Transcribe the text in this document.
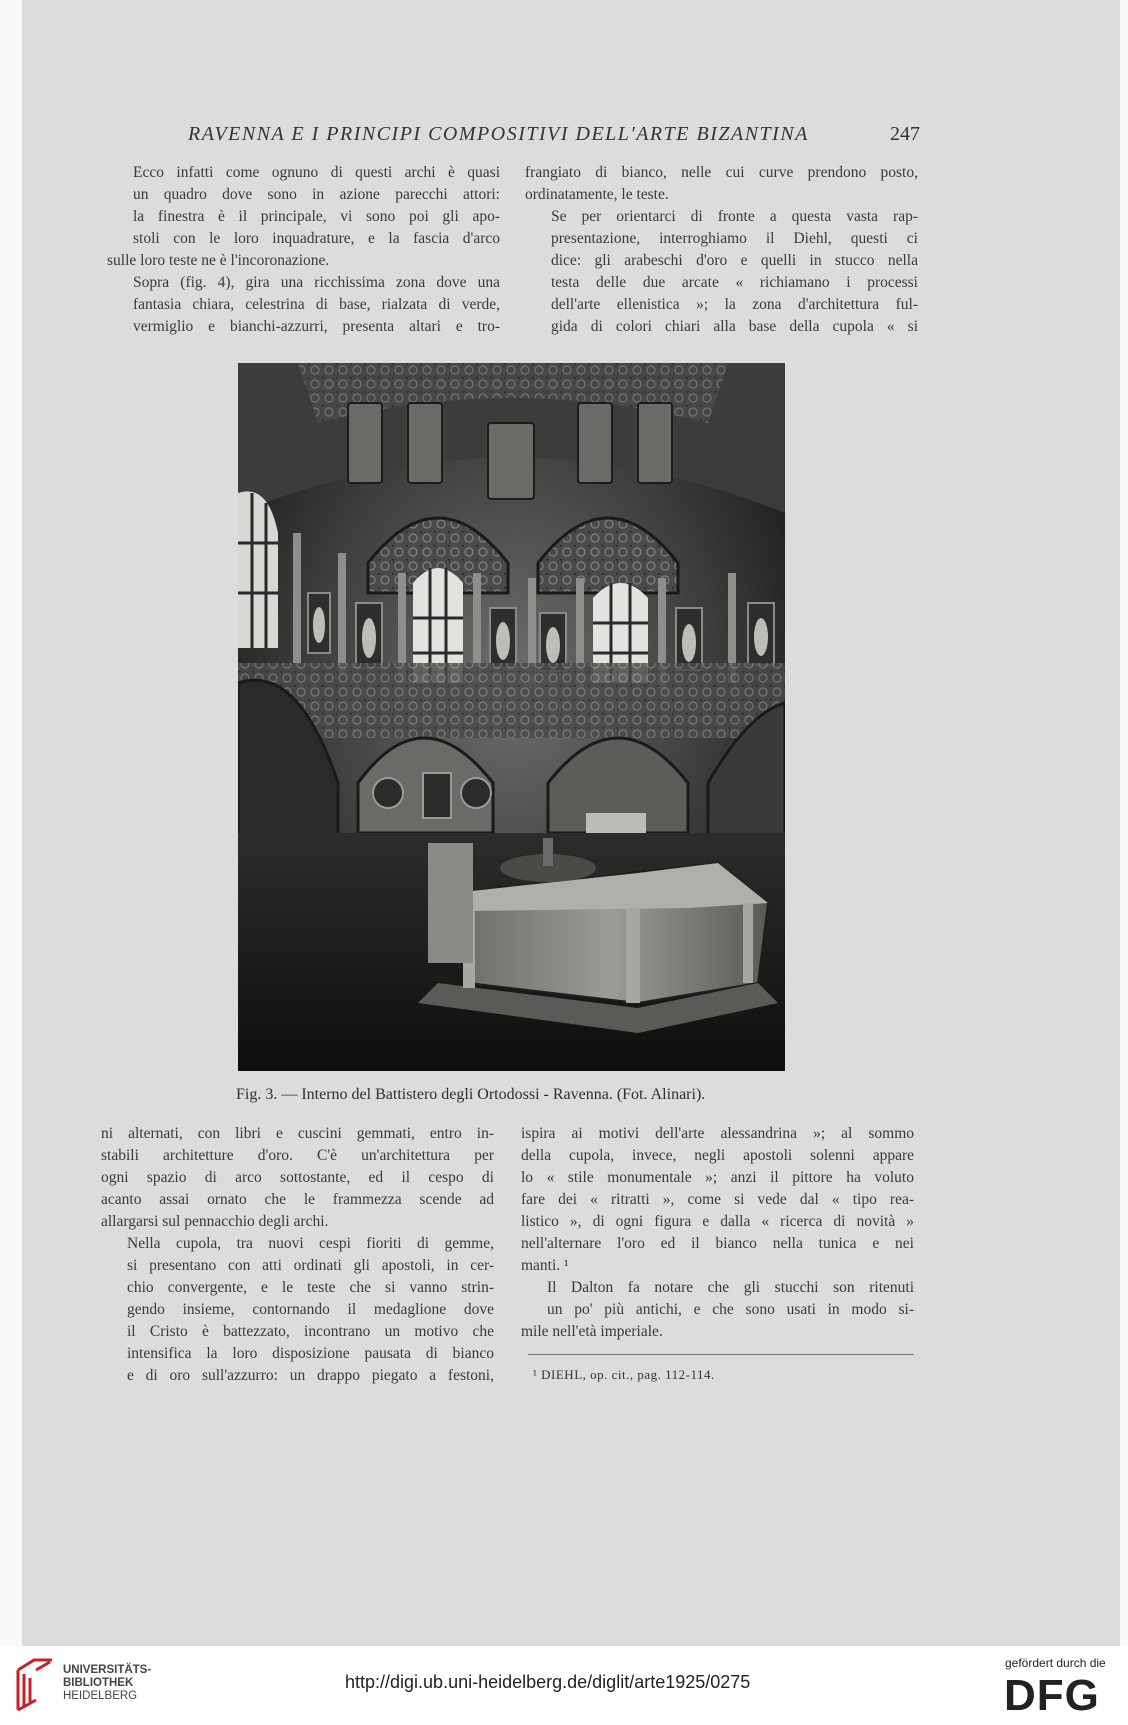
RAVENNA E I PRINCIPI COMPOSITIVI DELL'ARTE BIZANTINA	247

Ecco infatti come ognuno di questi archi è quasi
un quadro dove sono in azione parecchi attori:
la finestra è il principale, vi sono poi gli apo-
stoli con le loro inquadrature, e la fascia d'arco

sulle loro teste ne è l'incoronazione.

Sopra (fig. 4), gira una ricchissima zona dove una
fantasia chiara, celestrina di base, rialzata di verde,
vermiglio e bianchi-azzurri, presenta altari e tro-

frangiato di bianco, nelle cui curve prendono posto,

ordinatamente, le teste.

Se per orientarci di fronte a questa vasta rap-
presentazione, interroghiamo il Diehl, questi ci
dice: gli arabeschi d'oro e quelli in stucco nella
testa delle due arcate « richiamano i processi
dell'arte ellenistica »; la zona d'architettura ful-
gida di colori chiari alla base della cupola « si

Fig. 3. — Interno del Battistero degli Ortodossi - Ravenna. (Fot. Alinari).

ni alternati, con libri e cuscini gemmati, entro in-
stabili architetture d'oro. C'è un'architettura per
ogni spazio di arco sottostante, ed il cespo di
acanto assai ornato che le frammezza scende ad

allargarsi sul pennacchio degli archi.

Nella cupola, tra nuovi cespi fioriti di gemme,
si presentano con atti ordinati gli apostoli, in cer-
chio convergente, e le teste che si vanno strin-
gendo insieme, contornando il medaglione dove
il Cristo è battezzato, incontrano un motivo che
intensifica la loro disposizione pausata di bianco
e di oro sull'azzurro: un drappo piegato a festoni,

ispira ai motivi dell'arte alessandrina »; al sommo
della cupola, invece, negli apostoli solenni appare
lo « stile monumentale »; anzi il pittore ha voluto
fare dei « ritratti », come si vede dal « tipo rea-
listico », di ogni figura e dalla « ricerca di novità »
nell'alternare l'oro ed il bianco nella tunica e nei

manti. ¹

Il Dalton fa notare che gli stucchi son ritenuti
un po' più antichi, e che sono usati in modo si-

mile nell'età imperiale.

¹ DIEHL, op. cit., pag. 112-114.
UNIVERSITÄTS-
BIBLIOTHEK
HEIDELBERG
http://digi.ub.uni-heidelberg.de/diglit/arte1925/0275
gefördert durch die
DFG
